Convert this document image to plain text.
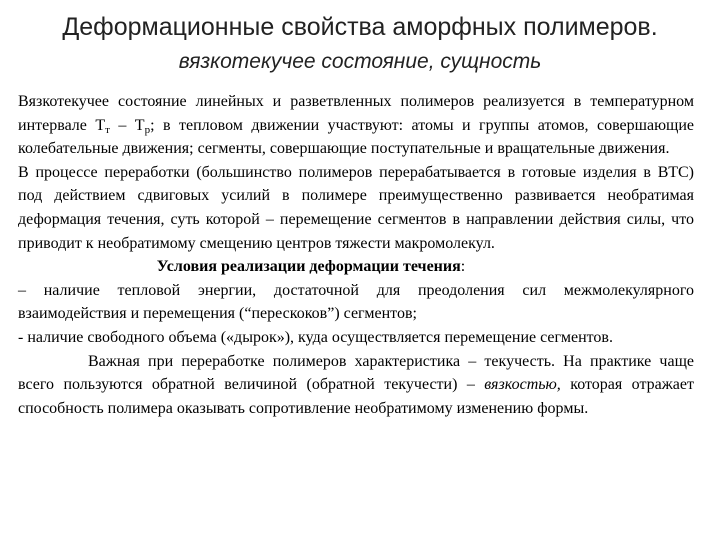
Деформационные свойства аморфных полимеров.
вязкотекучее состояние, сущность

Вязкотекучее состояние линейных и разветвленных полимеров реализуется в температурном интервале $Т_т - Т_р$; в тепловом движении участвуют: атомы и группы атомов, совершающие колебательные движения; сегменты, совершающие поступательные и вращательные движения.

В процессе переработки (большинство полимеров перерабатывается в готовые изделия в ВТС) под действием сдвиговых усилий в полимере преимущественно развивается необратимая деформация течения, суть которой – перемещение сегментов в направлении действия силы, что приводит к необратимому смещению центров тяжести макромолекул.

Условия реализации деформации течения:

– наличие тепловой энергии, достаточной для преодоления сил межмолекулярного взаимодействия и перемещения (“перескоков”) сегментов;

- наличие свободного объема («дырок»), куда осуществляется перемещение сегментов.

Важная при переработке полимеров характеристика – текучесть. На практике чаще всего пользуются обратной величиной (обратной текучести) – вязкостью, которая отражает способность полимера оказывать сопротивление необратимому изменению формы.
